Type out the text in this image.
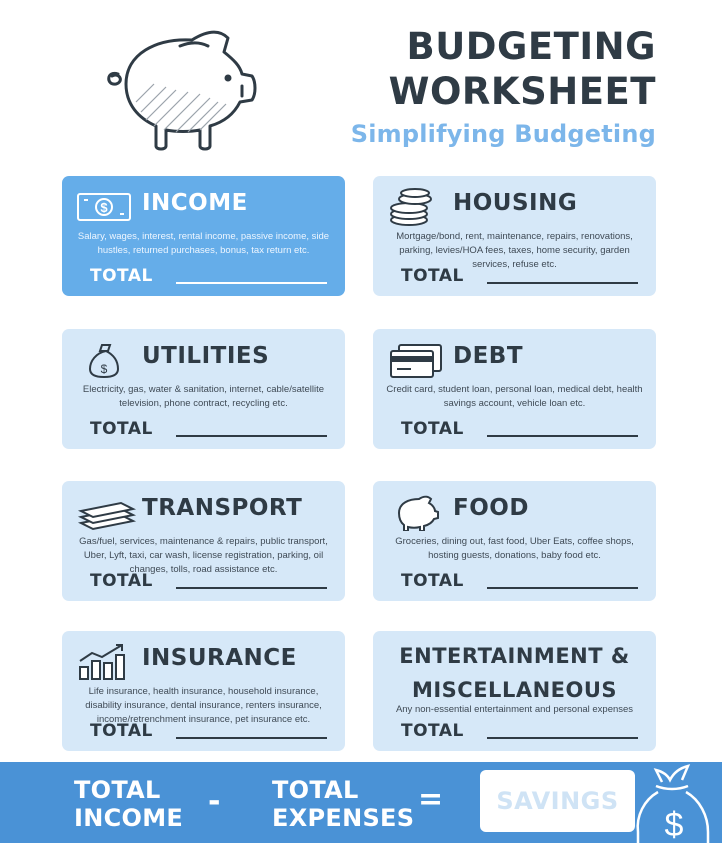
BUDGETING
WORKSHEET
Simplifying Budgeting
$ INCOME
Salary, wages, interest, rental income, passive income, side hustles, returned purchases, bonus, tax return etc.
TOTAL
HOUSING
Mortgage/bond, rent, maintenance, repairs, renovations, parking, levies/HOA fees, taxes, home security, garden services, refuse etc.
TOTAL
$ UTILITIES
Electricity, gas, water & sanitation, internet, cable/satellite television, phone contract, recycling etc.
TOTAL
DEBT
Credit card, student loan, personal loan, medical debt, health savings account, vehicle loan etc.
TOTAL
TRANSPORT
Gas/fuel, services, maintenance & repairs, public transport, Uber, Lyft, taxi, car wash, license registration, parking, oil changes, tolls, road assistance etc.
TOTAL
FOOD
Groceries, dining out, fast food, Uber Eats, coffee shops, hosting guests, donations, baby food etc.
TOTAL
INSURANCE
Life insurance, health insurance, household insurance, disability insurance, dental insurance, renters insurance, income/retrenchment insurance, pet insurance etc.
TOTAL
ENTERTAINMENT &
MISCELLANEOUS
Any non-essential entertainment and personal expenses
TOTAL
TOTAL
INCOME - TOTAL
EXPENSES
=	SAVINGS
$
